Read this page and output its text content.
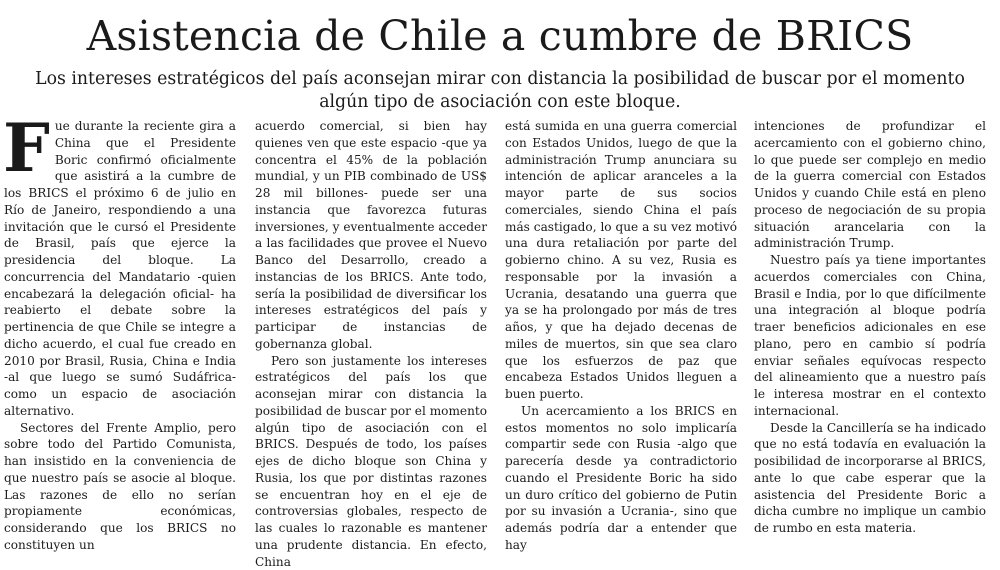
Asistencia de Chile a cumbre de BRICS

Los intereses estratégicos del país aconsejan mirar con distancia la posibilidad de buscar por el momento algún tipo de asociación con este bloque.

Fue durante la reciente gira a China que el Presidente Boric confirmó oficialmente que asistirá a la cumbre de los BRICS el próximo 6 de julio en Río de Janeiro, respondiendo a una invitación que le cursó el Presidente de Brasil, país que ejerce la presidencia del bloque. La concurrencia del Mandatario -quien encabezará la delegación oficial- ha reabierto el debate sobre la pertinencia de que Chile se integre a dicho acuerdo, el cual fue creado en 2010 por Brasil, Rusia, China e India -al que luego se sumó Sudáfrica- como un espacio de asociación alternativo.

Sectores del Frente Amplio, pero sobre todo del Partido Comunista, han insistido en la conveniencia de que nuestro país se asocie al bloque. Las razones de ello no serían propiamente económicas, considerando que los BRICS no constituyen un

acuerdo comercial, si bien hay quienes ven que este espacio -que ya concentra el 45% de la población mundial, y un PIB combinado de US$ 28 mil billones- puede ser una instancia que favorezca futuras inversiones, y eventualmente acceder a las facilidades que provee el Nuevo Banco del Desarrollo, creado a instancias de los BRICS. Ante todo, sería la posibilidad de diversificar los intereses estratégicos del país y participar de instancias de gobernanza global.

Pero son justamente los intereses estratégicos del país los que aconsejan mirar con distancia la posibilidad de buscar por el momento algún tipo de asociación con el BRICS. Después de todo, los países ejes de dicho bloque son China y Rusia, los que por distintas razones se encuentran hoy en el eje de controversias globales, respecto de las cuales lo razonable es mantener una prudente distancia. En efecto, China

está sumida en una guerra comercial con Estados Unidos, luego de que la administración Trump anunciara su intención de aplicar aranceles a la mayor parte de sus socios comerciales, siendo China el país más castigado, lo que a su vez motivó una dura retaliación por parte del gobierno chino. A su vez, Rusia es responsable por la invasión a Ucrania, desatando una guerra que ya se ha prolongado por más de tres años, y que ha dejado decenas de miles de muertos, sin que sea claro que los esfuerzos de paz que encabeza Estados Unidos lleguen a buen puerto.

Un acercamiento a los BRICS en estos momentos no solo implicaría compartir sede con Rusia -algo que parecería desde ya contradictorio cuando el Presidente Boric ha sido un duro crítico del gobierno de Putin por su invasión a Ucrania-, sino que además podría dar a entender que hay

intenciones de profundizar el acercamiento con el gobierno chino, lo que puede ser complejo en medio de la guerra comercial con Estados Unidos y cuando Chile está en pleno proceso de negociación de su propia situación arancelaria con la administración Trump.

Nuestro país ya tiene importantes acuerdos comerciales con China, Brasil e India, por lo que difícilmente una integración al bloque podría traer beneficios adicionales en ese plano, pero en cambio sí podría enviar señales equívocas respecto del alineamiento que a nuestro país le interesa mostrar en el contexto internacional.

Desde la Cancillería se ha indicado que no está todavía en evaluación la posibilidad de incorporarse al BRICS, ante lo que cabe esperar que la asistencia del Presidente Boric a dicha cumbre no implique un cambio de rumbo en esta materia.
